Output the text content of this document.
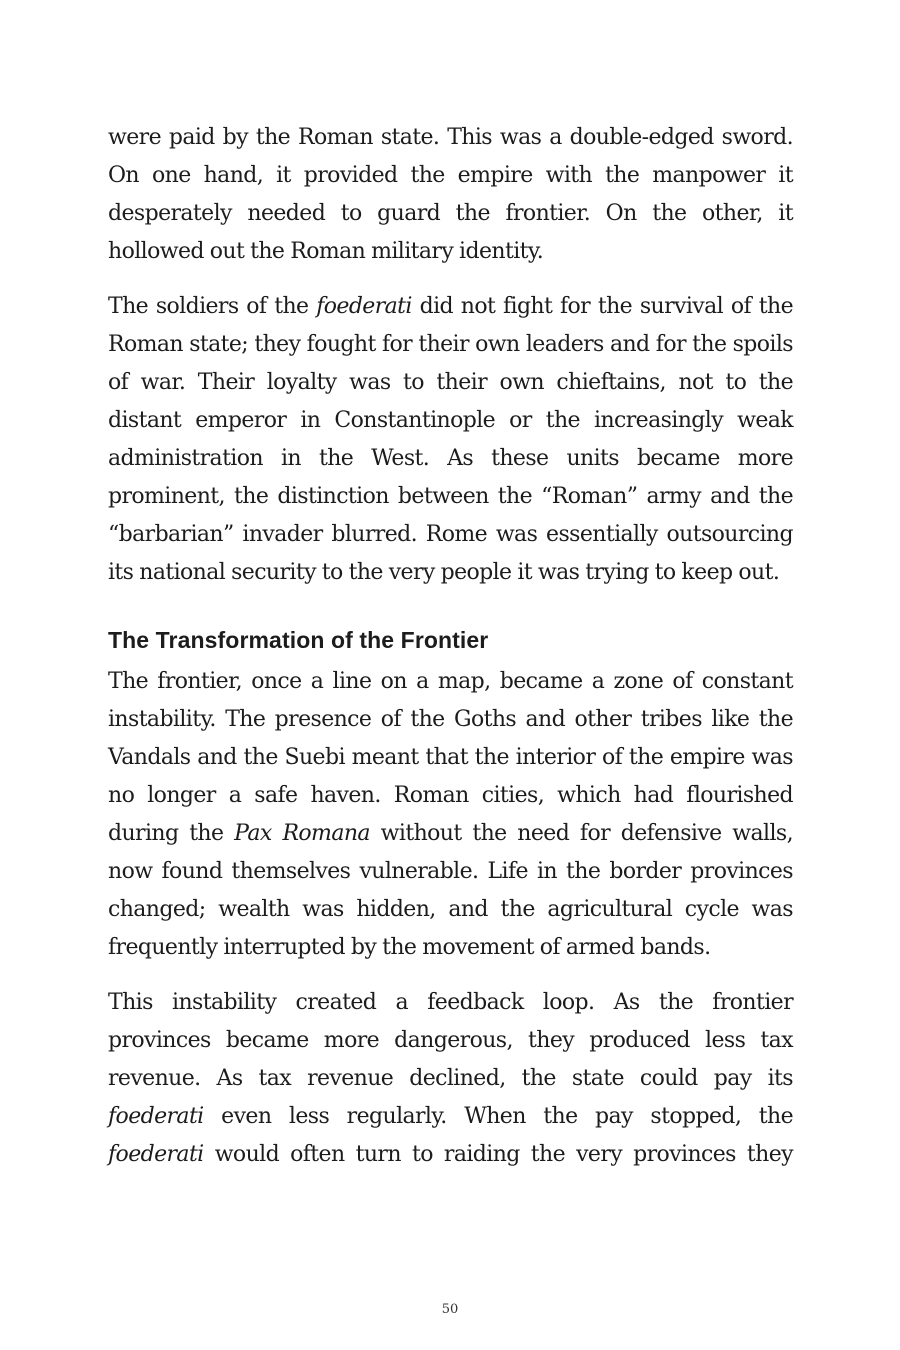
were paid by the Roman state. This was a double-edged sword. On one hand, it provided the empire with the manpower it desperately needed to guard the frontier. On the other, it hollowed out the Roman military identity.

The soldiers of the foederati did not fight for the survival of the Roman state; they fought for their own leaders and for the spoils of war. Their loyalty was to their own chieftains, not to the distant emperor in Constantinople or the increasingly weak administration in the West. As these units became more prominent, the distinction between the “Roman” army and the “barbarian” invader blurred. Rome was essentially outsourcing its national security to the very people it was trying to keep out.

The Transformation of the Frontier

The frontier, once a line on a map, became a zone of constant instability. The presence of the Goths and other tribes like the Vandals and the Suebi meant that the interior of the empire was no longer a safe haven. Roman cities, which had flourished during the Pax Romana without the need for defensive walls, now found themselves vulnerable. Life in the border provinces changed; wealth was hidden, and the agricultural cycle was frequently interrupted by the movement of armed bands.

This instability created a feedback loop. As the frontier provinces became more dangerous, they produced less tax revenue. As tax revenue declined, the state could pay its foederati even less regularly. When the pay stopped, the foederati would often turn to raiding the very provinces they

50
